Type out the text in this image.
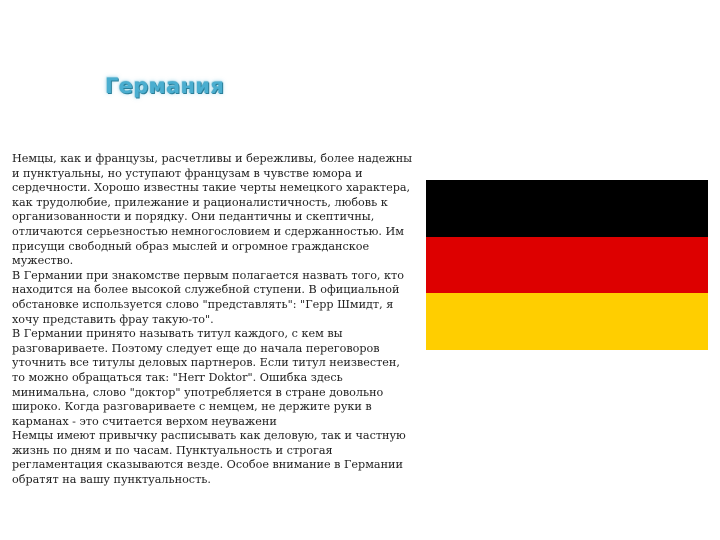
Германия

Немцы, как и французы, расчетливы и бережливы, более надежны и пунктуальны, но уступают французам в чувстве юмора и сердечности. Хорошо известны такие черты немецкого характера, как трудолюбие, прилежание и рационалистичность, любовь к организованности и порядку. Они педантичны и скептичны, отличаются серьезностью немногословием и сдержанностью. Им присущи свободный образ мыслей и огромное гражданское мужество.

В Германии при знакомстве первым полагается назвать того, кто находится на более высокой служебной ступени. В официальной обстановке используется слово "представлять": "Герр Шмидт, я хочу представить фрау такую-то".

В Германии принято называть титул каждого, с кем вы разговариваете. Поэтому следует еще до начала переговоров уточнить все титулы деловых партнеров. Если титул неизвестен, то можно обращаться так: "Herr Doktor". Ошибка здесь минимальна, слово "доктор" употребляется в стране довольно широко. Когда разговариваете с немцем, не держите руки в карманах - это считается верхом неуважени

Немцы имеют привычку расписывать как деловую, так и частную жизнь по дням и по часам. Пунктуальность и строгая регламентация сказываются везде. Особое внимание в Германии обратят на вашу пунктуальность.
